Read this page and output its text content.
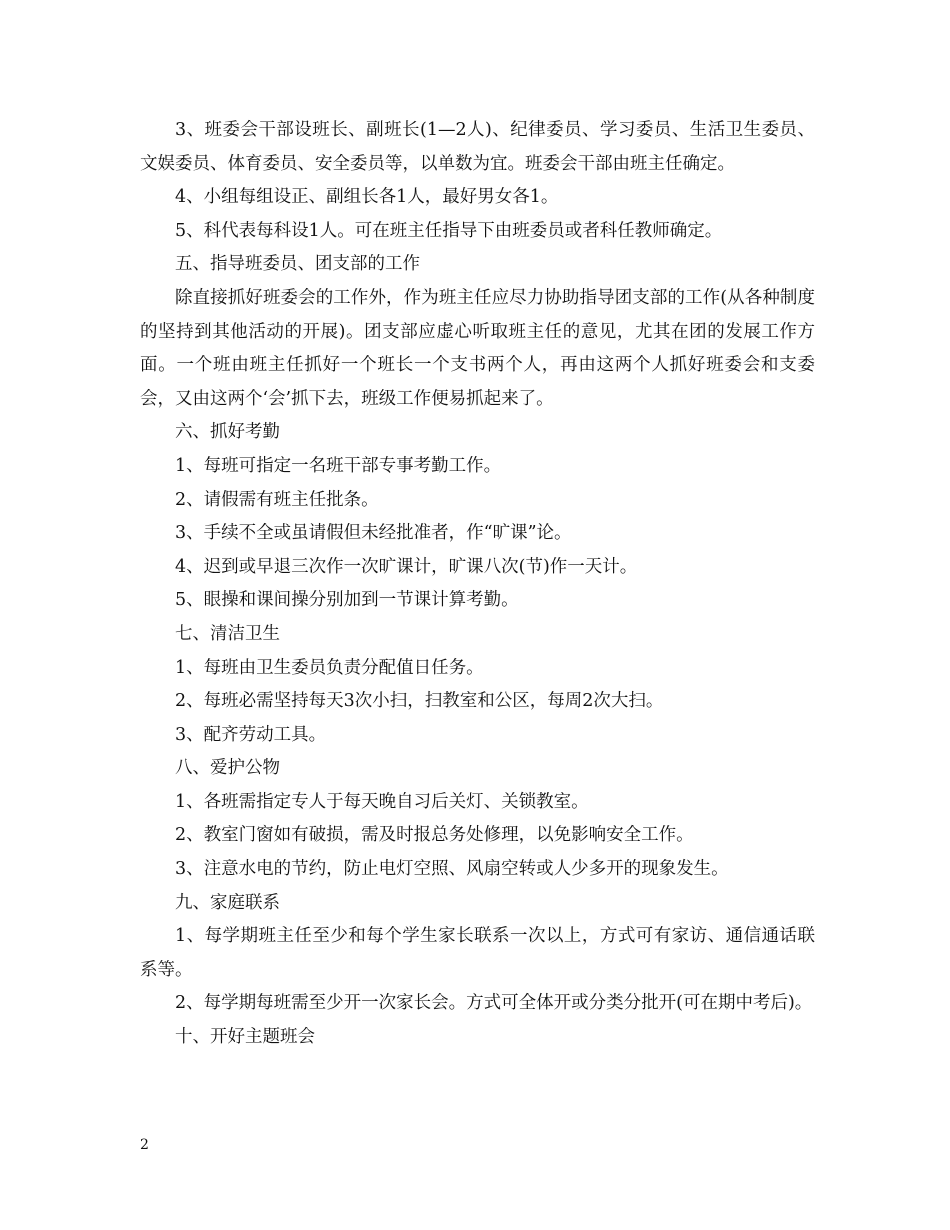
3、班委会干部设班长、副班长(1—2人)、纪律委员、学习委员、生活卫生委员、文娱委员、体育委员、安全委员等，以单数为宜。班委会干部由班主任确定。

4、小组每组设正、副组长各1人，最好男女各1。

5、科代表每科设1人。可在班主任指导下由班委员或者科任教师确定。

五、指导班委员、团支部的工作

除直接抓好班委会的工作外，作为班主任应尽力协助指导团支部的工作(从各种制度的坚持到其他活动的开展)。团支部应虚心听取班主任的意见，尤其在团的发展工作方面。一个班由班主任抓好一个班长一个支书两个人，再由这两个人抓好班委会和支委会，又由这两个‘会’抓下去，班级工作便易抓起来了。

六、抓好考勤

1、每班可指定一名班干部专事考勤工作。

2、请假需有班主任批条。

3、手续不全或虽请假但未经批准者，作“旷课”论。

4、迟到或早退三次作一次旷课计，旷课八次(节)作一天计。

5、眼操和课间操分别加到一节课计算考勤。

七、清洁卫生

1、每班由卫生委员负责分配值日任务。

2、每班必需坚持每天3次小扫，扫教室和公区，每周2次大扫。

3、配齐劳动工具。

八、爱护公物

1、各班需指定专人于每天晚自习后关灯、关锁教室。

2、教室门窗如有破损，需及时报总务处修理，以免影响安全工作。

3、注意水电的节约，防止电灯空照、风扇空转或人少多开的现象发生。

九、家庭联系

1、每学期班主任至少和每个学生家长联系一次以上，方式可有家访、通信通话联系等。

2、每学期每班需至少开一次家长会。方式可全体开或分类分批开(可在期中考后)。

十、开好主题班会

2
